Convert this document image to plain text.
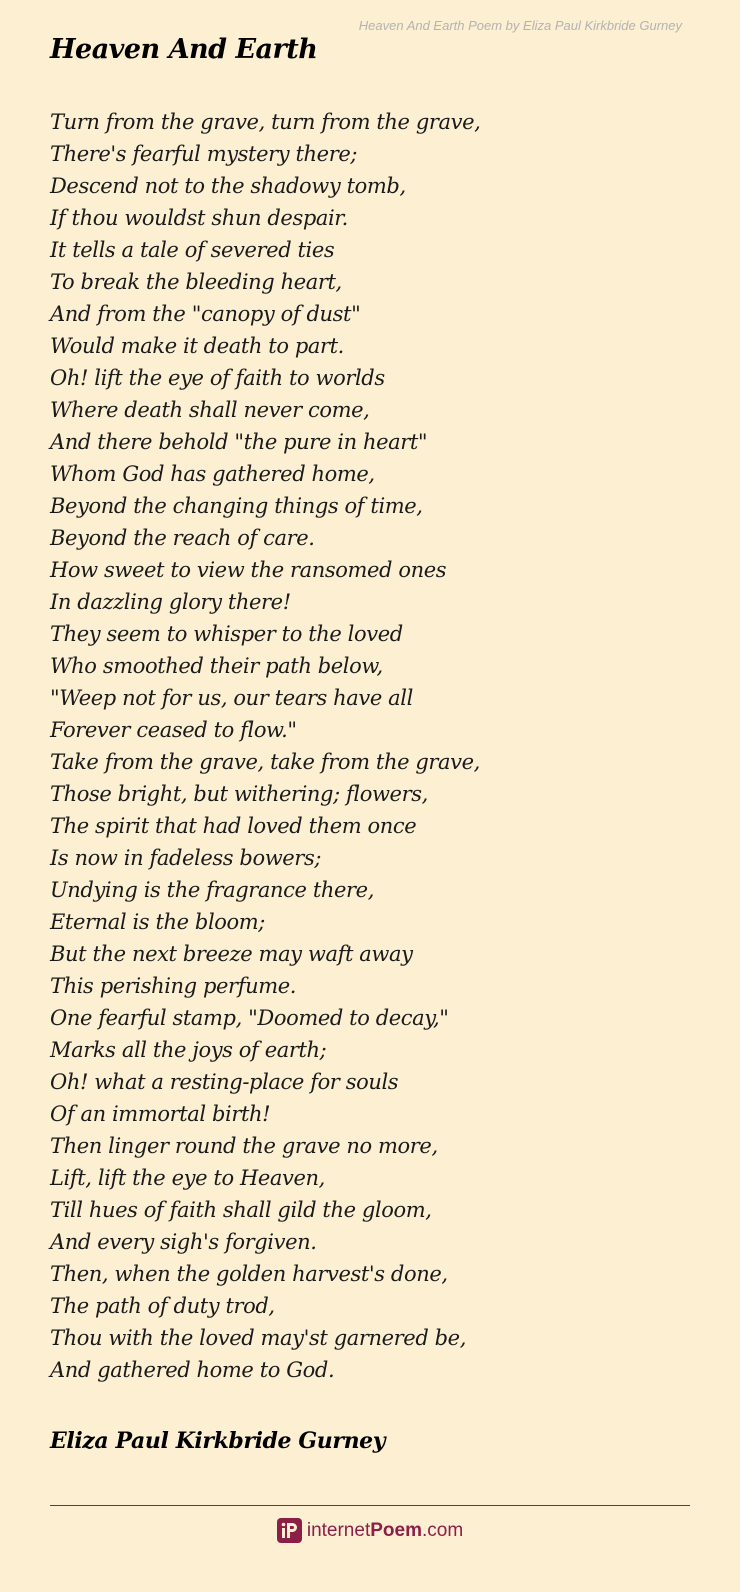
Heaven And Earth Poem by Eliza Paul Kirkbride Gurney
Heaven And Earth
Turn from the grave, turn from the grave,
There's fearful mystery there;
Descend not to the shadowy tomb,
If thou wouldst shun despair.
It tells a tale of severed ties
To break the bleeding heart,
And from the "canopy of dust"
Would make it death to part.
Oh! lift the eye of faith to worlds
Where death shall never come,
And there behold "the pure in heart"
Whom God has gathered home,
Beyond the changing things of time,
Beyond the reach of care.
How sweet to view the ransomed ones
In dazzling glory there!
They seem to whisper to the loved
Who smoothed their path below,
"Weep not for us, our tears have all
Forever ceased to flow."
Take from the grave, take from the grave,
Those bright, but withering; flowers,
The spirit that had loved them once
Is now in fadeless bowers;
Undying is the fragrance there,
Eternal is the bloom;
But the next breeze may waft away
This perishing perfume.
One fearful stamp, "Doomed to decay,"
Marks all the joys of earth;
Oh! what a resting-place for souls
Of an immortal birth!
Then linger round the grave no more,
Lift, lift the eye to Heaven,
Till hues of faith shall gild the gloom,
And every sigh's forgiven.
Then, when the golden harvest's done,
The path of duty trod,
Thou with the loved may'st garnered be,
And gathered home to God.
Eliza Paul Kirkbride Gurney
internetPoem.com
